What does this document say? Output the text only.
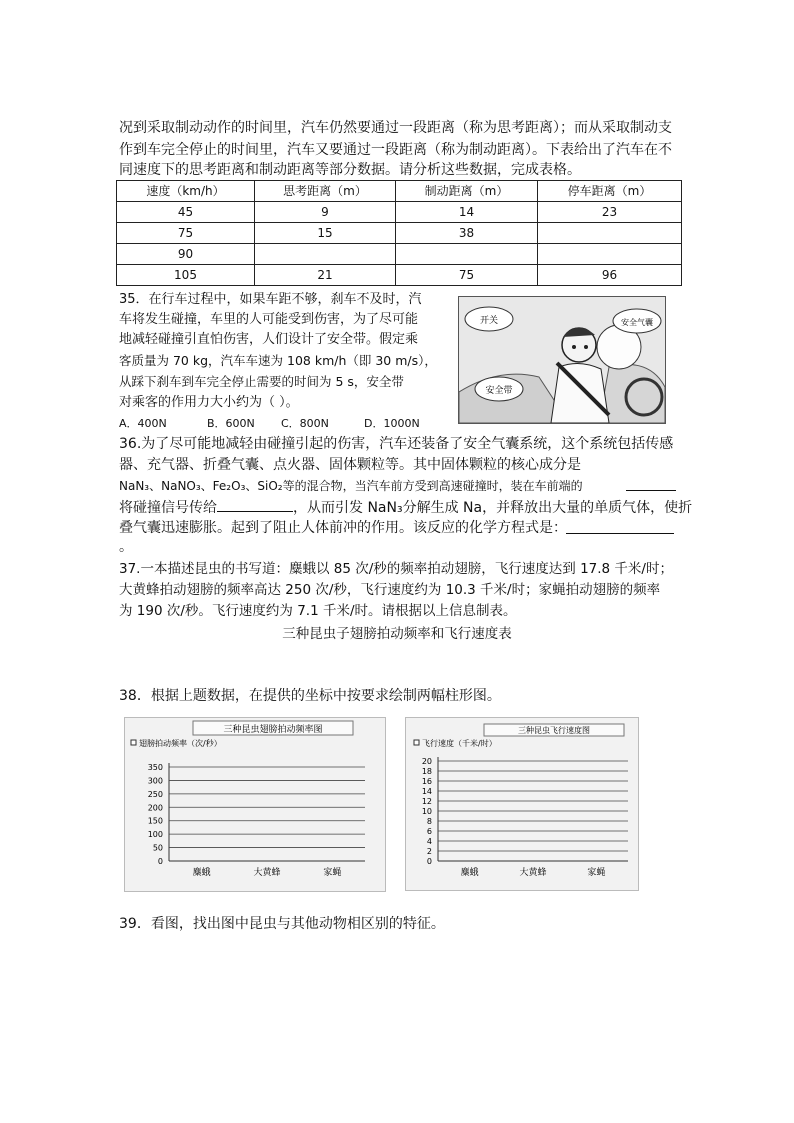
况到采取制动动作的时间里，汽车仍然要通过一段距离（称为思考距离）；而从采取制动支
作到车完全停止的时间里，汽车又要通过一段距离（称为制动距离）。下表给出了汽车在不
同速度下的思考距离和制动距离等部分数据。请分析这些数据，完成表格。
速度（km/h）	思考距离（m）	制动距离（m）	停车距离（m）
45	9	14	23
75	15	38	
90			
105	21	75	96
35．在行车过程中，如果车距不够，刹车不及时，汽
车将发生碰撞，车里的人可能受到伤害，为了尽可能
地减轻碰撞引直怕伤害，人们设计了安全带。假定乘
客质量为 70 kg，汽车车速为 108 km/h（即 30 m/s），
从踩下刹车到车完全停止需要的时间为 5 s，安全带
对乘客的作用力大小约为（ ）。
A．400N	B．600N C．800N	D．1000N
开关	安全气囊
安全带
36.为了尽可能地减轻由碰撞引起的伤害，汽车还装备了安全气囊系统，这个系统包括传感
器、充气器、折叠气囊、点火器、固体颗粒等。其中固体颗粒的核心成分是
NaN₃、NaNO₃、Fe₂O₃、SiO₂等的混合物，当汽车前方受到高速碰撞时，装在车前端的
将碰撞信号传给	，从而引发 NaN₃分解生成 Na，并释放出大量的单质气体，使折
叠气囊迅速膨胀。起到了阻止人体前冲的作用。该反应的化学方程式是：
。
37.一本描述昆虫的书写道：麋蛾以 85 次/秒的频率拍动翅膀，飞行速度达到 17.8 千米/时；
大黄蜂拍动翅膀的频率高达 250 次/秒，飞行速度约为 10.3 千米/时；家蝇拍动翅膀的频率
为 190 次/秒。飞行速度约为 7.1 千米/时。请根据以上信息制表。
三种昆虫子翅膀拍动频率和飞行速度表
38．根据上题数据，在提供的坐标中按要求绘制两幅柱形图。
三种昆虫翅膀拍动频率图
翅膀拍动频率（次/秒）
0
50
100
150
200
250
300
350
麋蛾	大黄蜂	家蝇
三种昆虫飞行速度图
飞行速度（千米/时）
0
2
4
6
8
10
12
14
16
18
20
麋蛾	大黄蜂	家蝇
39．看图，找出图中昆虫与其他动物相区别的特征。
